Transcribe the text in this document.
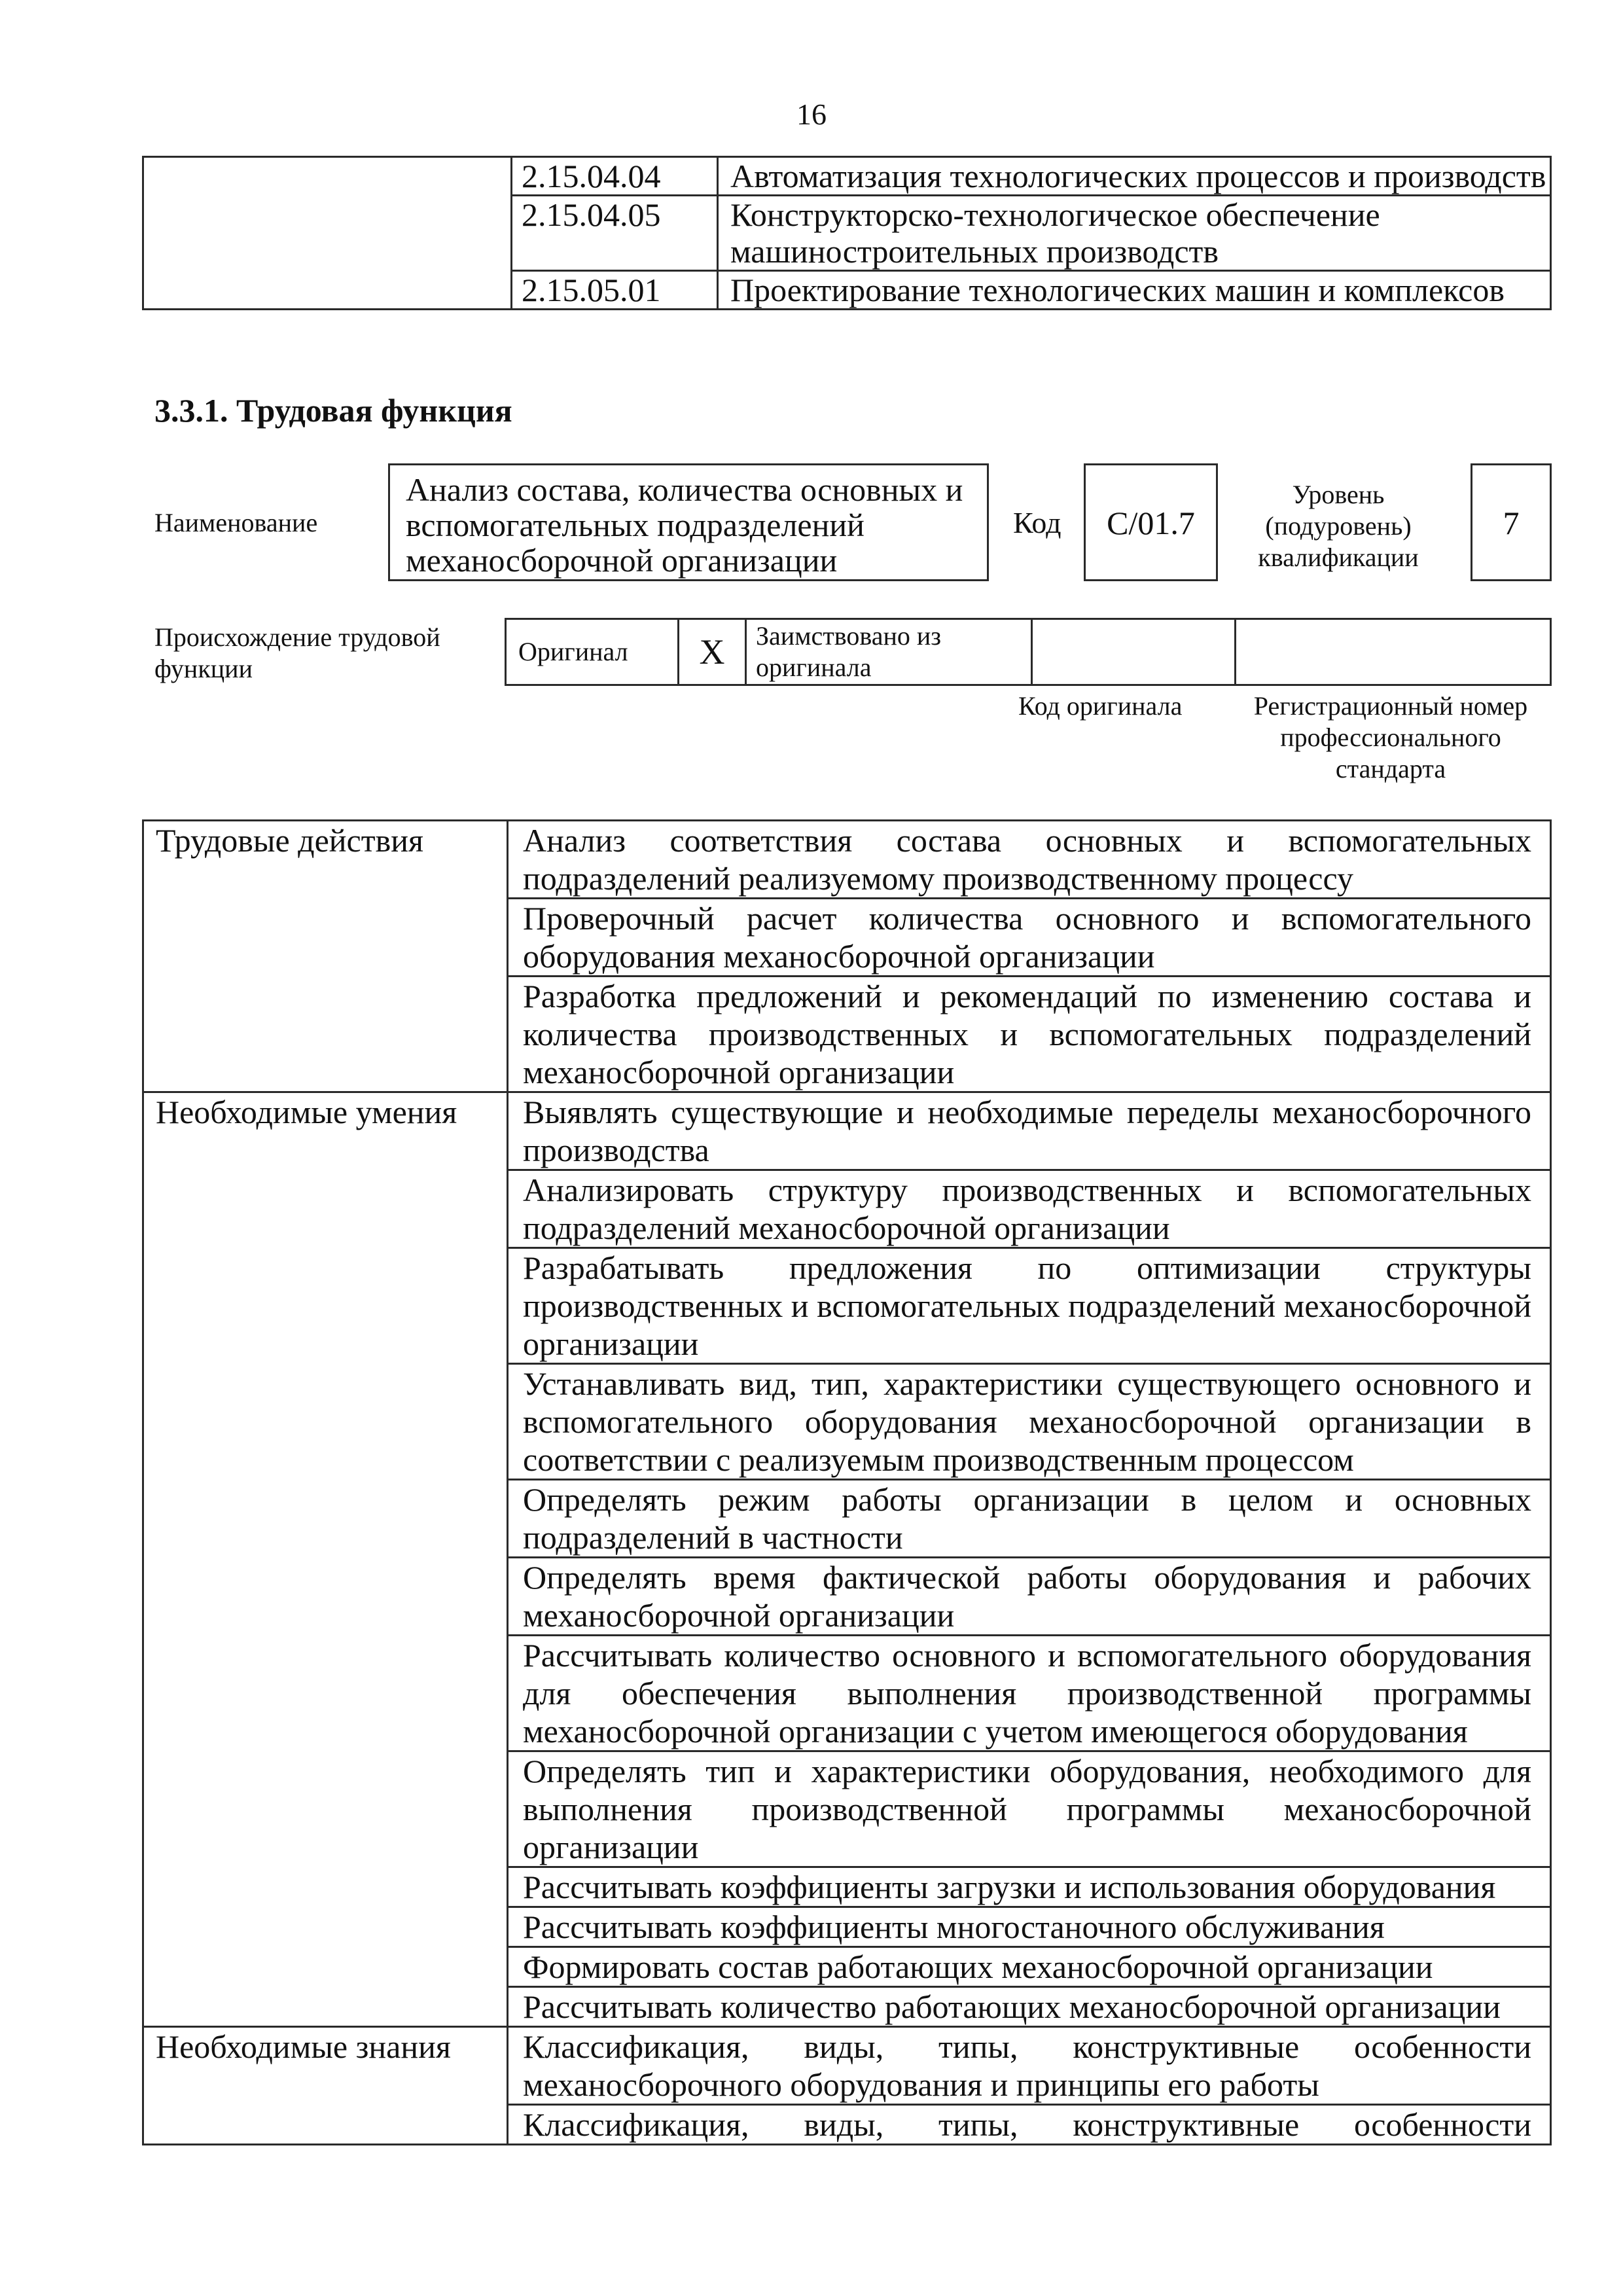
16
	2.15.04.04	Автоматизация технологических процессов и производств
	2.15.04.05	Конструкторско-технологическое обеспечение машиностроительных производств
	2.15.05.01	Проектирование технологических машин и комплексов
3.3.1. Трудовая функция
Наименование
Анализ состава, количества основных и вспомогательных подразделений механосборочной организации
Код	С/01.7
Уровень (подуровень) квалификации
7
Происхождение трудовой функции
Оригинал	X	Заимствовано из оригинала		
Код оригинала	Регистрационный номер профессионального стандарта
Трудовые действия	Анализ соответствия состава основных и вспомогательных подразделений реализуемому производственному процессу
	Проверочный расчет количества основного и вспомогательного оборудования механосборочной организации
	Разработка предложений и рекомендаций по изменению состава и количества производственных и вспомогательных подразделений механосборочной организации
Необходимые умения	Выявлять существующие и необходимые переделы механосборочного производства
	Анализировать структуру производственных и вспомогательных подразделений механосборочной организации
	Разрабатывать предложения по оптимизации структуры производственных и вспомогательных подразделений механосборочной организации
	Устанавливать вид, тип, характеристики существующего основного и вспомогательного оборудования механосборочной организации в соответствии с реализуемым производственным процессом
	Определять режим работы организации в целом и основных подразделений в частности
	Определять время фактической работы оборудования и рабочих механосборочной организации
	Рассчитывать количество основного и вспомогательного оборудования для обеспечения выполнения производственной программы механосборочной организации с учетом имеющегося оборудования
	Определять тип и характеристики оборудования, необходимого для выполнения производственной программы механосборочной организации
	Рассчитывать коэффициенты загрузки и использования оборудования
	Рассчитывать коэффициенты многостаночного обслуживания
	Формировать состав работающих механосборочной организации
	Рассчитывать количество работающих механосборочной организации
Необходимые знания	Классификация, виды, типы, конструктивные особенности механосборочного оборудования и принципы его работы
	Классификация, виды, типы, конструктивные особенности
